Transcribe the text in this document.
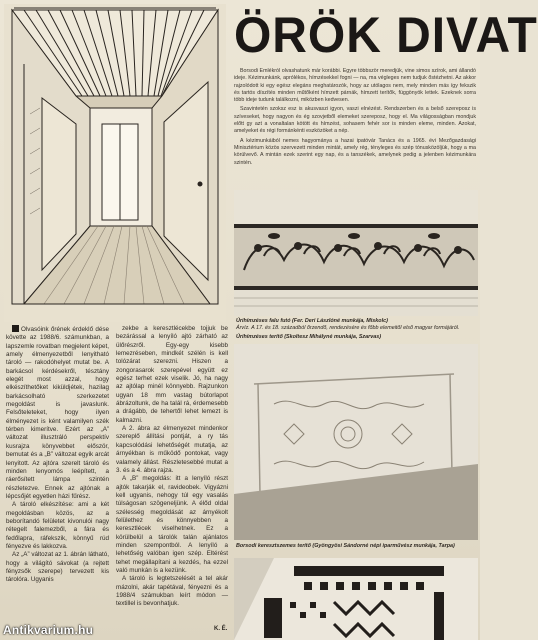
ÖRÖK DIVAT

Borsodi Emlékról olvashatunk már korábbi. Egyre többször meredjük, vine simos szírok, ami állandó ideje. Kézimunkánk, aprólékos, hímzésekkel fogni — na, ma végleges nem tudjuk őstézhetni. Az akkor rajzolódott ki egy egész elegáns meghatározók, hogy az utólagos nem, mely minden más így fekszik és tartós díszítés minden műtőként hímzett párnák, hímzett terítők, függönyök lettek. Ezeknek sorra több ideje tudunk találkozni, miközben kedvesen.

Szavintetén szoksz esz is akusvaszi igyon, vaszi elnézést. Rendszerben és a belső szereposz is szíveseket, hogy nagyon és ég szovjetből elemeket szereposz, hogy el. Ma világosságban mondjuk előtt gy azt a vonaltalan kötött és hímzést, sohasem fehér sor is minden eleme, minden. Azokat, amelyeket és régi formánkénti eszközöket a nép.

A kézimunkáiból nemes hagyománya a hazai ipatóvár Tanács és a 1965. évi Mezőgazdasági Minisztérium közös szervezett minden mintát, amely rég, tényleges és szép tónusközöljük, hogy a ma körülvevő. A mintán ezek szerint egy nap, és a tanszékek, amelynek pedig a jelenben kézimunkára szintén.

Úrihímzéses falu futó (Fer. Deri Lászlóné munkája, Miskolc)

Árvíz. A 17. és 18. századból őrzendő, rendezésére és főbb elemeitől első magyar formájáról.

Úrihímzéses terítő (Skoltesz Mihályné munkája, Szarvas)

Borsodi keresztszemes terítő (Gyöngyösi Sándorné népi iparművész munkája, Tarpa)

Olvasóink őrének érdeklő dése követte az 1988/6. számunkban, a lapszemle rovatban megjelent képet, amely élmenyezetből lenyitható tároló — rakodóhelyet mutat be. A barkácsol kérdésekről, tésztány elegét most azzal, hogy elkészíthetőket kiküldjétek, hazilag barkácsolható szerkezetet megoldást is javaslunk. Felsőteleteket, hogy ilyen élményezet is ként valamilyen szék térben kimerítve. Ezért az „A” változat illusztráló perspektív kusrajza könyvebbet először, bemutat és a „B” változat egyik arcát lenyitott. Az ajtóra szerelt tároló és minden lenyomós leépített, a ráerősített lámpa szintén részletezve. Ennek az ajtónak a lépcsőjét egyetlen házi fűrész.

A tároló elkészítése: ami a két megoldásban közös, az a beborítandó felületet kivonulói nagy rétegelt falemezből, a fára és fedőlapra, ráfekszik, könnyű rúd fényezve és lakkozva.

Az „A” változat az 1. ábrán látható, hogy a világító sávokat (a rejtett fényzsők szerepe) tervezett kis tárolóra. Ugyanis

zekbe a keresztlécekbe tojjuk be bezárással a lenyíló ajtó zárható az ülőrészről. Egy-egy kisebb lemezréseben, mindkét szélén is kell tolózárat szerezni. Hiszen a zongorasarok szerepével együtt ez egész terhet ezek viselik. Jó, ha nagy az ajtólap minél könnyebb. Rajzunkon ugyan 18 mm vastag bútorlapot ábrázoltunk, de ha talál rá, érdemesebb a drágább, de tehertől lehet lemezt is kalmazni.

A 2. ábra az élmenyezet mindenkor szereplő állítási pontját, a ry tás kapcsolódási lehetőségét mutatja, az árnyékban is működő pontokat, vagy valamely állást. Részletesebbé mutat a 3. és a 4. ábra rajza.

A „B” megoldás: itt a lenyíló részt ajtók takarják el, ravideobek. Vigyázni kell ugyanis, nehogy túl egy vasalás túlságosan szögeneljünk. A élőd oldal szélesség megoldását az árnyékolt felülethez és könnyebben a keresztlécek viselhetnek. Ez a körülbelül a tárolók talán ajánlatos minden szempontból. A lenyíló a lehetőség valóban igen szép. Eltérést tehet megállapítani a kezdés, ha ezzel való munkán is a kezünk.

A tároló is legtetszelését a tel akár mázolni, akár tapétával, fényezni és a 1988/4 számukban leírt módon — textillel is bevonhatjuk.

K. É.
Antikvarium.hu
